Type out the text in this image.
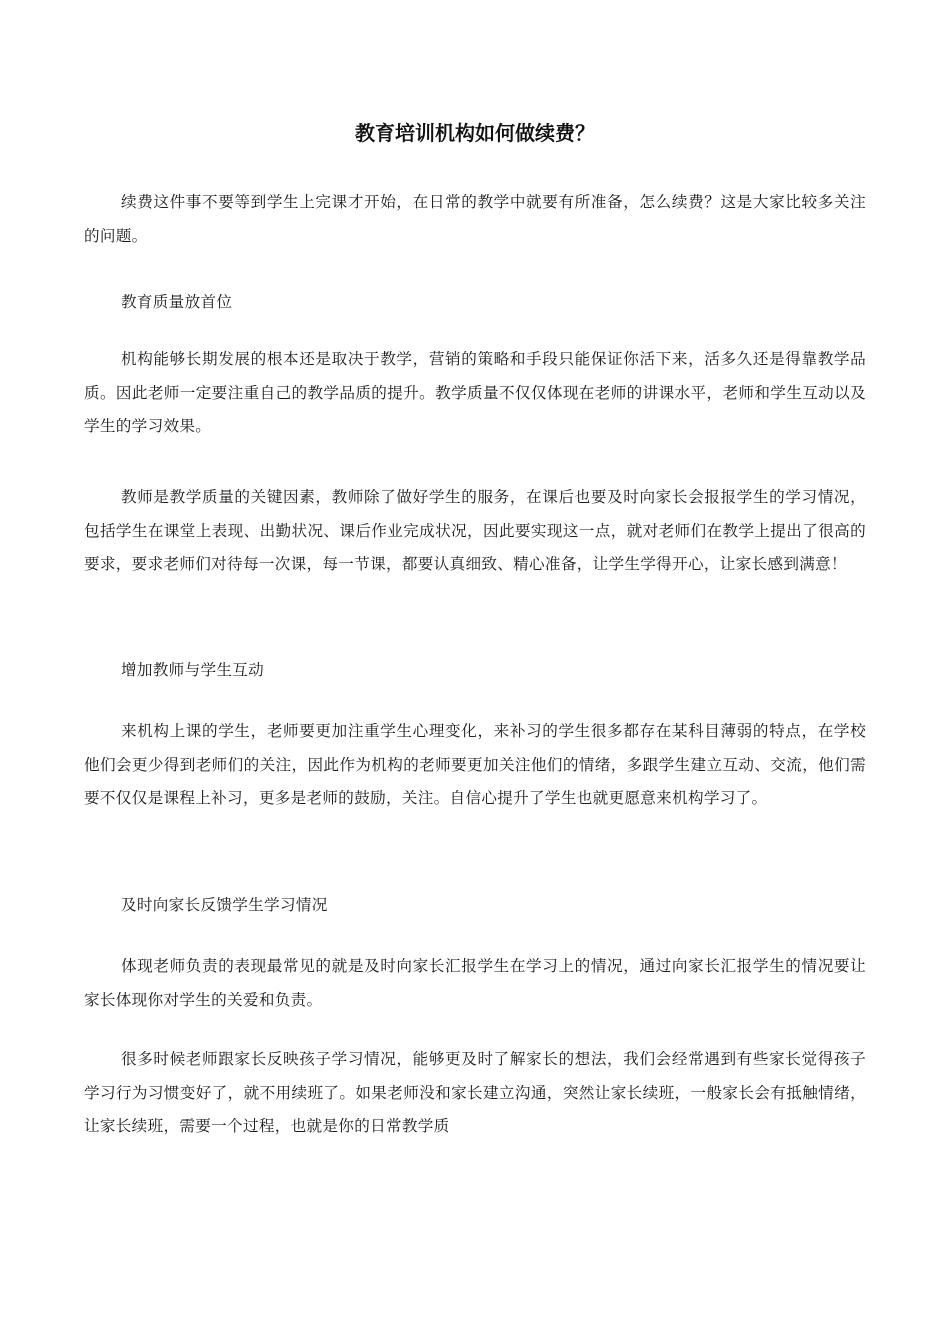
教育培训机构如何做续费？

续费这件事不要等到学生上完课才开始，在日常的教学中就要有所准备，怎么续费？这是大家比较多关注的问题。

教育质量放首位

机构能够长期发展的根本还是取决于教学，营销的策略和手段只能保证你活下来，活多久还是得靠教学品质。因此老师一定要注重自己的教学品质的提升。教学质量不仅仅体现在老师的讲课水平，老师和学生互动以及学生的学习效果。

教师是教学质量的关键因素，教师除了做好学生的服务，在课后也要及时向家长会报报学生的学习情况，包括学生在课堂上表现、出勤状况、课后作业完成状况，因此要实现这一点，就对老师们在教学上提出了很高的要求，要求老师们对待每一次课，每一节课，都要认真细致、精心准备，让学生学得开心，让家长感到满意！

增加教师与学生互动

来机构上课的学生，老师要更加注重学生心理变化，来补习的学生很多都存在某科目薄弱的特点，在学校他们会更少得到老师们的关注，因此作为机构的老师要更加关注他们的情绪，多跟学生建立互动、交流，他们需要不仅仅是课程上补习，更多是老师的鼓励，关注。自信心提升了学生也就更愿意来机构学习了。

及时向家长反馈学生学习情况

体现老师负责的表现最常见的就是及时向家长汇报学生在学习上的情况，通过向家长汇报学生的情况要让家长体现你对学生的关爱和负责。

很多时候老师跟家长反映孩子学习情况，能够更及时了解家长的想法，我们会经常遇到有些家长觉得孩子学习行为习惯变好了，就不用续班了。如果老师没和家长建立沟通，突然让家长续班，一般家长会有抵触情绪，让家长续班，需要一个过程，也就是你的日常教学质
